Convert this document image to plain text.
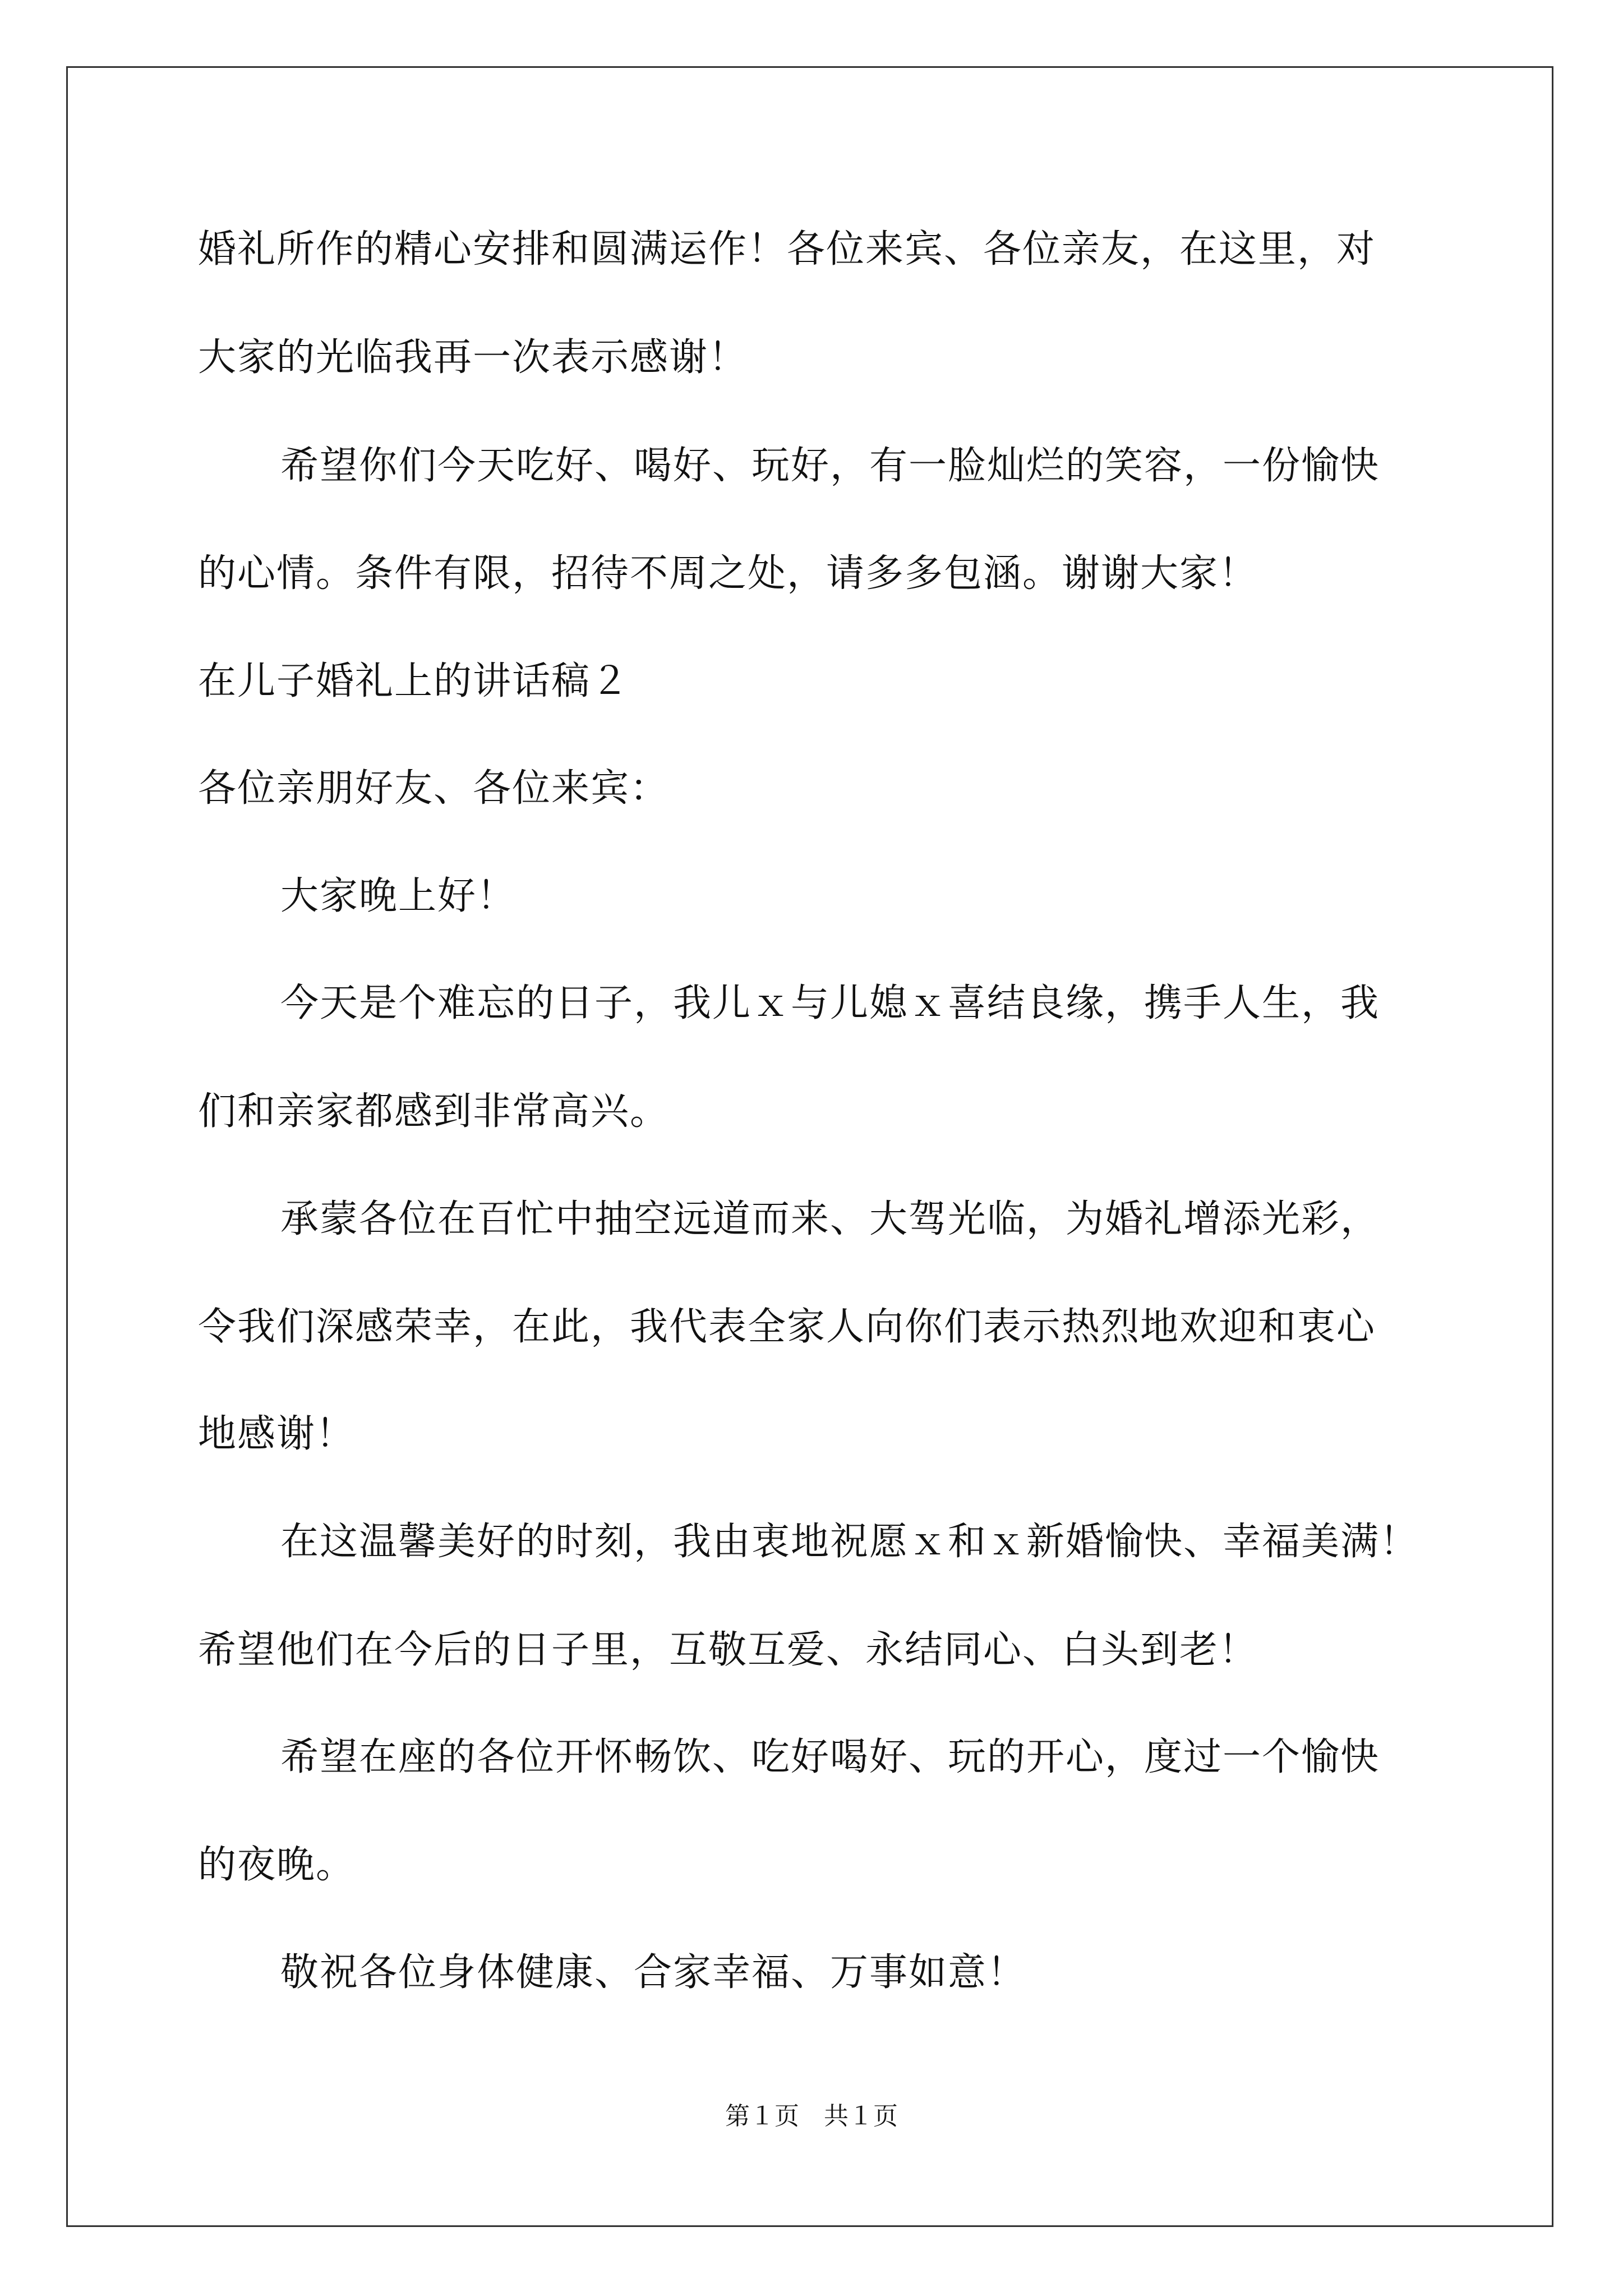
婚礼所作的精心安排和圆满运作！各位来宾、各位亲友，在这里，对
大家的光临我再一次表示感谢！
希望你们今天吃好、喝好、玩好，有一脸灿烂的笑容，一份愉快
的心情。条件有限，招待不周之处，请多多包涵。谢谢大家！
在儿子婚礼上的讲话稿２
各位亲朋好友、各位来宾：
大家晚上好！
今天是个难忘的日子，我儿ｘ与儿媳ｘ喜结良缘，携手人生，我
们和亲家都感到非常高兴。
承蒙各位在百忙中抽空远道而来、大驾光临，为婚礼增添光彩，
令我们深感荣幸，在此，我代表全家人向你们表示热烈地欢迎和衷心
地感谢！
在这温馨美好的时刻，我由衷地祝愿ｘ和ｘ新婚愉快、幸福美满！
希望他们在今后的日子里，互敬互爱、永结同心、白头到老！
希望在座的各位开怀畅饮、吃好喝好、玩的开心，度过一个愉快
的夜晚。
敬祝各位身体健康、合家幸福、万事如意！
第１页　共１页
